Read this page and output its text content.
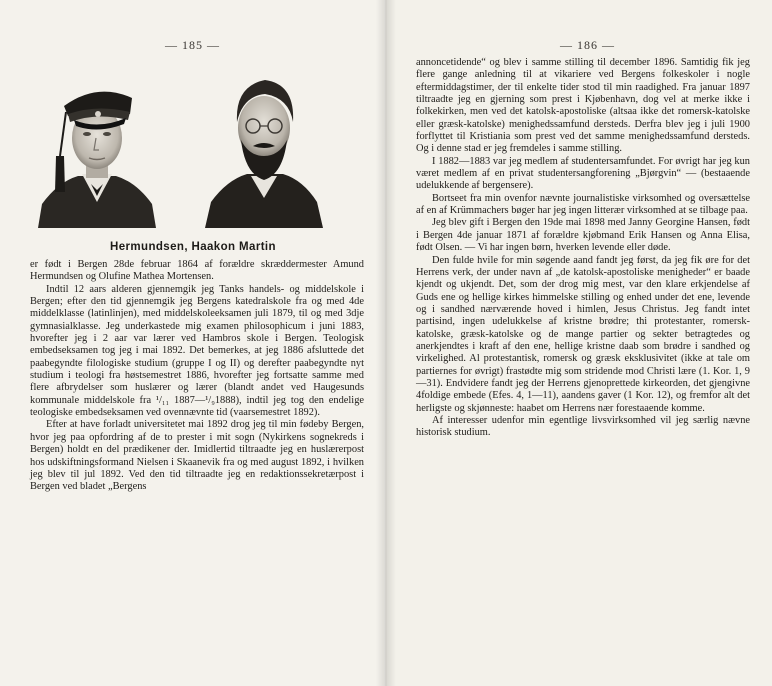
— 185 —
Hermundsen, Haakon Martin

er født i Bergen 28de februar 1864 af forældre skræddermester Amund Hermundsen og Olufine Mathea Mortensen.

Indtil 12 aars alderen gjennemgik jeg Tanks handels- og middelskole i Bergen; efter den tid gjennemgik jeg Bergens katedralskole fra og med 4de middelklasse (latinlinjen), med middelskoleeksamen juli 1879, til og med 3dje gymnasialklasse. Jeg underkastede mig examen philosophicum i juni 1883, hvorefter jeg i 2 aar var lærer ved Hambros skole i Bergen. Teologisk embedseksamen tog jeg i mai 1892. Det bemerkes, at jeg 1886 afsluttede det paabegyndte filologiske studium (gruppe I og II) og derefter paabegyndte nyt studium i teologi fra høstsemestret 1886, hvorefter jeg fortsatte samme med flere afbrydelser som huslærer og lærer (blandt andet ved Haugesunds kommunale middelskole fra ¹/₁₁ 1887—¹/₉1888), indtil jeg tog den endelige teologiske embedseksamen ved ovennævnte tid (vaarsemestret 1892).

Efter at have forladt universitetet mai 1892 drog jeg til min fødeby Bergen, hvor jeg paa opfordring af de to prester i mit sogn (Nykirkens sognekreds i Bergen) holdt en del prædikener der. Imidlertid tiltraadte jeg en huslærerpost hos udskiftningsformand Nielsen i Skaanevik fra og med august 1892, i hvilken jeg blev til jul 1892. Ved den tid tiltraadte jeg en redaktionssekretærpost i Bergen ved bladet „Bergens

— 186 —

annoncetidende“ og blev i samme stilling til december 1896. Samtidig fik jeg flere gange anledning til at vikariere ved Bergens folkeskoler i nogle eftermiddagstimer, der til enkelte tider stod til min raadighed. Fra januar 1897 tiltraadte jeg en gjerning som prest i Kjøbenhavn, dog vel at merke ikke i folkekirken, men ved det katolsk-apostoliske (altsaa ikke det romersk-katolske eller græsk-katolske) menighedssamfund dersteds. Derfra blev jeg i juli 1900 forflyttet til Kristiania som prest ved det samme menighedssamfund dersteds. Og i denne stad er jeg fremdeles i samme stilling.

I 1882—1883 var jeg medlem af studentersamfundet. For øvrigt har jeg kun været medlem af en privat studentersangforening „Bjørgvin“ — (bestaaende udelukkende af bergensere).

Bortseet fra min ovenfor nævnte journalistiske virksomhed og oversættelse af en af Krümmachers bøger har jeg ingen litterær virksomhed at se tilbage paa.

Jeg blev gift i Bergen den 19de mai 1898 med Janny Georgine Hansen, født i Bergen 4de januar 1871 af forældre kjøbmand Erik Hansen og Anna Elisa, født Olsen. — Vi har ingen børn, hverken levende eller døde.

Den fulde hvile for min søgende aand fandt jeg først, da jeg fik øre for det Herrens verk, der under navn af „de katolsk-apostoliske menigheder“ er baade kjendt og ukjendt. Det, som der drog mig mest, var den klare erkjendelse af Guds ene og hellige kirkes himmelske stilling og enhed under det ene, levende og i sandhed nærværende hoved i himlen, Jesus Christus. Jeg fandt intet partisind, ingen udelukkelse af kristne brødre; thi protestanter, romersk-katolske, græsk-katolske og de mange partier og sekter betragtedes og anerkjendtes i kraft af den ene, hellige kristne daab som brødre i sandhed og virkelighed. Al protestantisk, romersk og græsk eksklusivitet (ikke at tale om partiernes for øvrigt) frastødte mig som stridende mod Christi lære (1. Kor. 1, 9—31). Endvidere fandt jeg der Herrens gjenoprettede kirkeorden, det gjengivne 4foldige embede (Efes. 4, 1—11), aandens gaver (1 Kor. 12), og fremfor alt det herligste og skjønneste: haabet om Herrens nær forestaaende komme.

Af interesser udenfor min egentlige livsvirksomhed vil jeg særlig nævne historisk studium.
